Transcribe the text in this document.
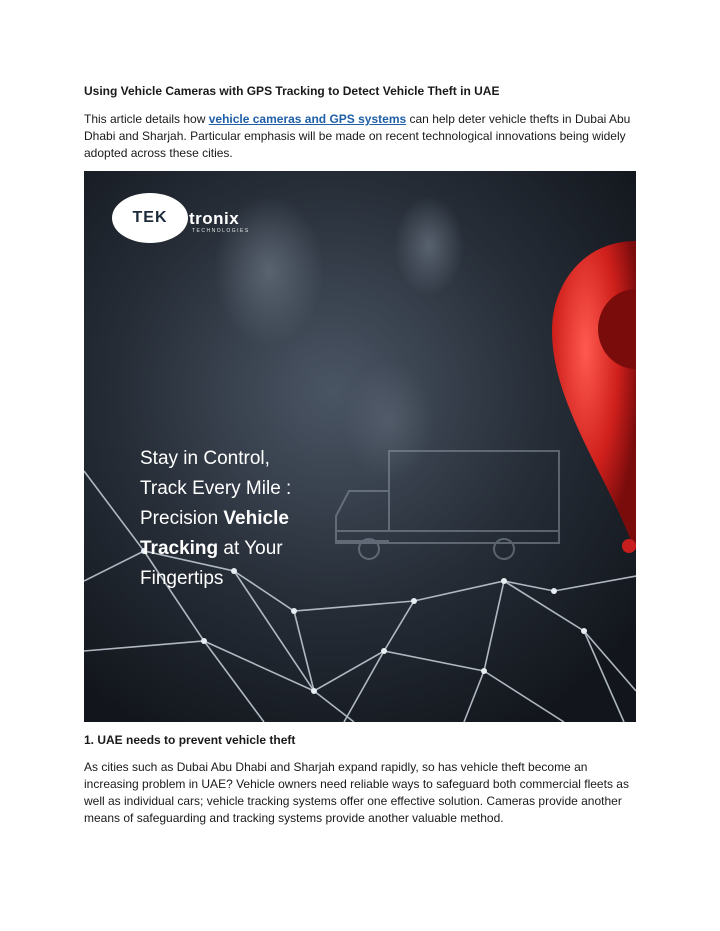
Using Vehicle Cameras with GPS Tracking to Detect Vehicle Theft in UAE

This article details how vehicle cameras and GPS systems can help deter vehicle thefts in Dubai Abu Dhabi and Sharjah. Particular emphasis will be made on recent technological innovations being widely adopted across these cities.

TEK tronix
TECHNOLOGIES
Stay in Control,
Track Every Mile :
Precision Vehicle
Tracking at Your
Fingertips
1. UAE needs to prevent vehicle theft

As cities such as Dubai Abu Dhabi and Sharjah expand rapidly, so has vehicle theft become an increasing problem in UAE? Vehicle owners need reliable ways to safeguard both commercial fleets as well as individual cars; vehicle tracking systems offer one effective solution. Cameras provide another means of safeguarding and tracking systems provide another valuable method.
